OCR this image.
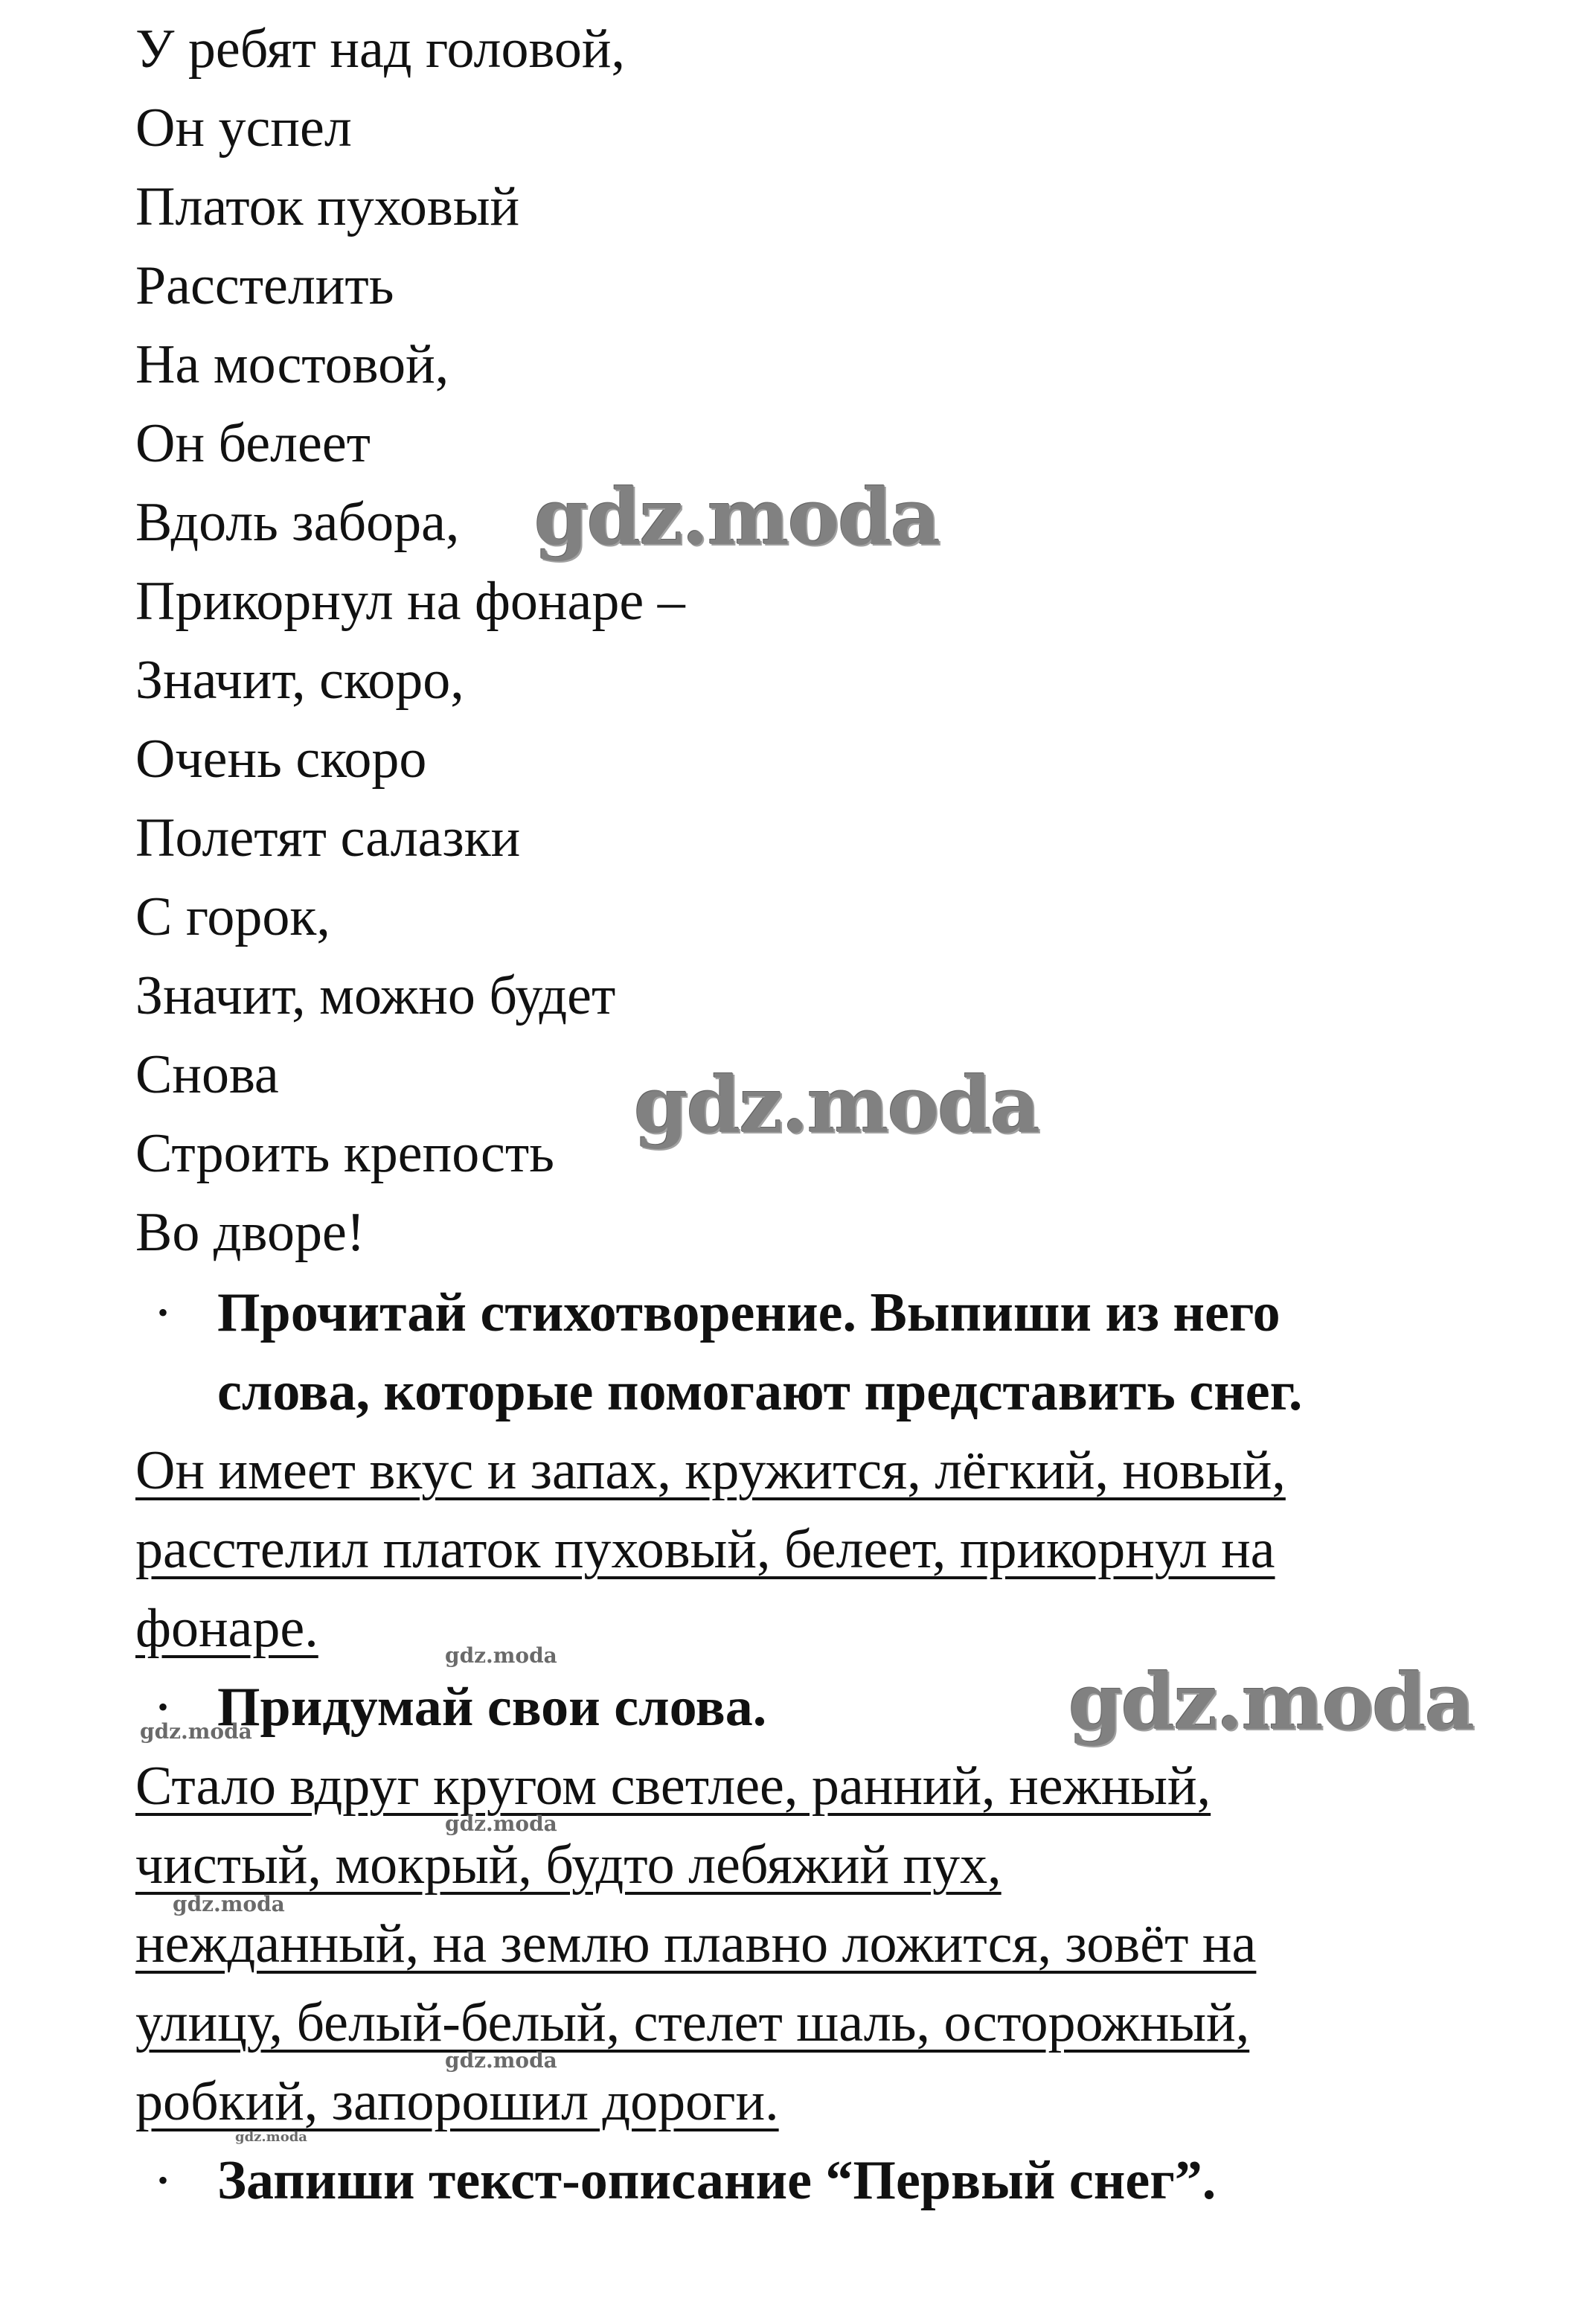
У ребят над головой,
Он успел
Платок пуховый
Расстелить
На мостовой,
Он белеет
Вдоль забора,
Прикорнул на фонаре –
Значит, скоро,
Очень скоро
Полетят салазки
С горок,
Значит, можно будет
Снова
Строить крепость
Во дворе!
• Прочитай стихотворение. Выпиши из него
слова, которые помогают представить снег.
Он имеет вкус и запах, кружится, лёгкий, новый,
расстелил платок пуховый, белеет, прикорнул на
фонаре.
• Придумай свои слова.
Стало вдруг кругом светлее, ранний, нежный,
чистый, мокрый, будто лебяжий пух,
нежданный, на землю плавно ложится, зовёт на
улицу, белый-белый, стелет шаль, осторожный,
робкий, запорошил дороги.
• Запиши текст-описание “Первый снег”.
gdz.moda
gdz.moda
gdz.moda
gdz.moda
gdz.moda
gdz.moda
gdz.moda
gdz.moda
gdz.moda
